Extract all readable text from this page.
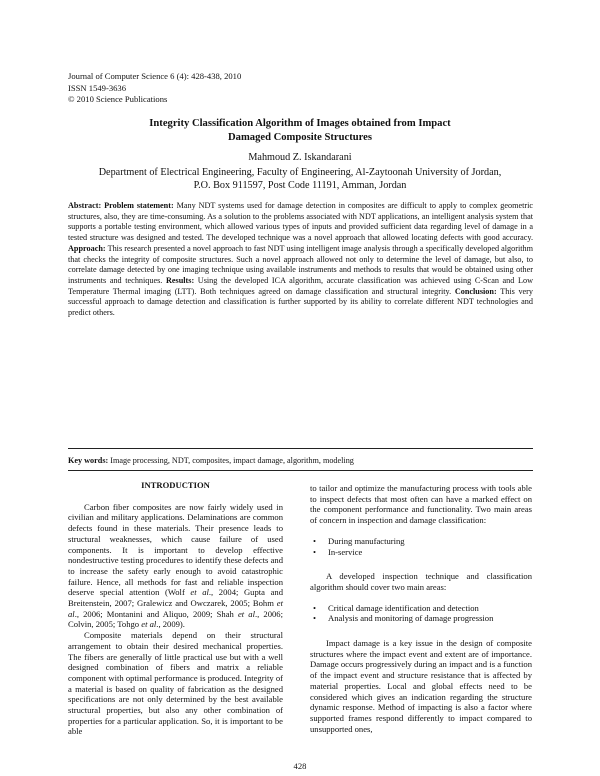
Journal of Computer Science 6 (4): 428-438, 2010
ISSN 1549-3636
© 2010 Science Publications
Integrity Classification Algorithm of Images obtained from Impact
Damaged Composite Structures
Mahmoud Z. Iskandarani
Department of Electrical Engineering, Faculty of Engineering, Al-Zaytoonah University of Jordan,
P.O. Box 911597, Post Code 11191, Amman, Jordan
Abstract: Problem statement: Many NDT systems used for damage detection in composites are difficult to apply to complex geometric structures, also, they are time-consuming. As a solution to the problems associated with NDT applications, an intelligent analysis system that supports a portable testing environment, which allowed various types of inputs and provided sufficient data regarding level of damage in a tested structure was designed and tested. The developed technique was a novel approach that allowed locating defects with good accuracy. Approach: This research presented a novel approach to fast NDT using intelligent image analysis through a specifically developed algorithm that checks the integrity of composite structures. Such a novel approach allowed not only to determine the level of damage, but also, to correlate damage detected by one imaging technique using available instruments and methods to results that would be obtained using other instruments and techniques. Results: Using the developed ICA algorithm, accurate classification was achieved using C-Scan and Low Temperature Thermal imaging (LTT). Both techniques agreed on damage classification and structural integrity. Conclusion: This very successful approach to damage detection and classification is further supported by its ability to correlate different NDT technologies and predict others.
Key words: Image processing, NDT, composites, impact damage, algorithm, modeling
INTRODUCTION

Carbon fiber composites are now fairly widely used in civilian and military applications. Delaminations are common defects found in these materials. Their presence leads to structural weaknesses, which cause failure of used components. It is important to develop effective nondestructive testing procedures to identify these defects and to increase the safety early enough to avoid catastrophic failure. Hence, all methods for fast and reliable inspection deserve special attention (Wolf et al., 2004; Gupta and Breitenstein, 2007; Gralewicz and Owczarek, 2005; Bohm et al., 2006; Montanini and Aliquo, 2009; Shah et al., 2006; Colvin, 2005; Tohgo et al., 2009).

Composite materials depend on their structural arrangement to obtain their desired mechanical properties. The fibers are generally of little practical use but with a well designed combination of fibers and matrix a reliable component with optimal performance is produced. Integrity of a material is based on quality of fabrication as the designed specifications are not only determined by the best available structural properties, but also any other combination of properties for a particular application. So, it is important to be able

to tailor and optimize the manufacturing process with tools able to inspect defects that most often can have a marked effect on the component performance and functionality. Two main areas of concern in inspection and damage classification:

• During manufacturing
• In-service

A developed inspection technique and classification algorithm should cover two main areas:

• Critical damage identification and detection
• Analysis and monitoring of damage progression

Impact damage is a key issue in the design of composite structures where the impact event and extent are of importance. Damage occurs progressively during an impact and is a function of the impact event and structure resistance that is affected by material properties. Local and global effects need to be considered which gives an indication regarding the structure dynamic response. Method of impacting is also a factor where supported frames respond differently to impact compared to unsupported ones,

428
